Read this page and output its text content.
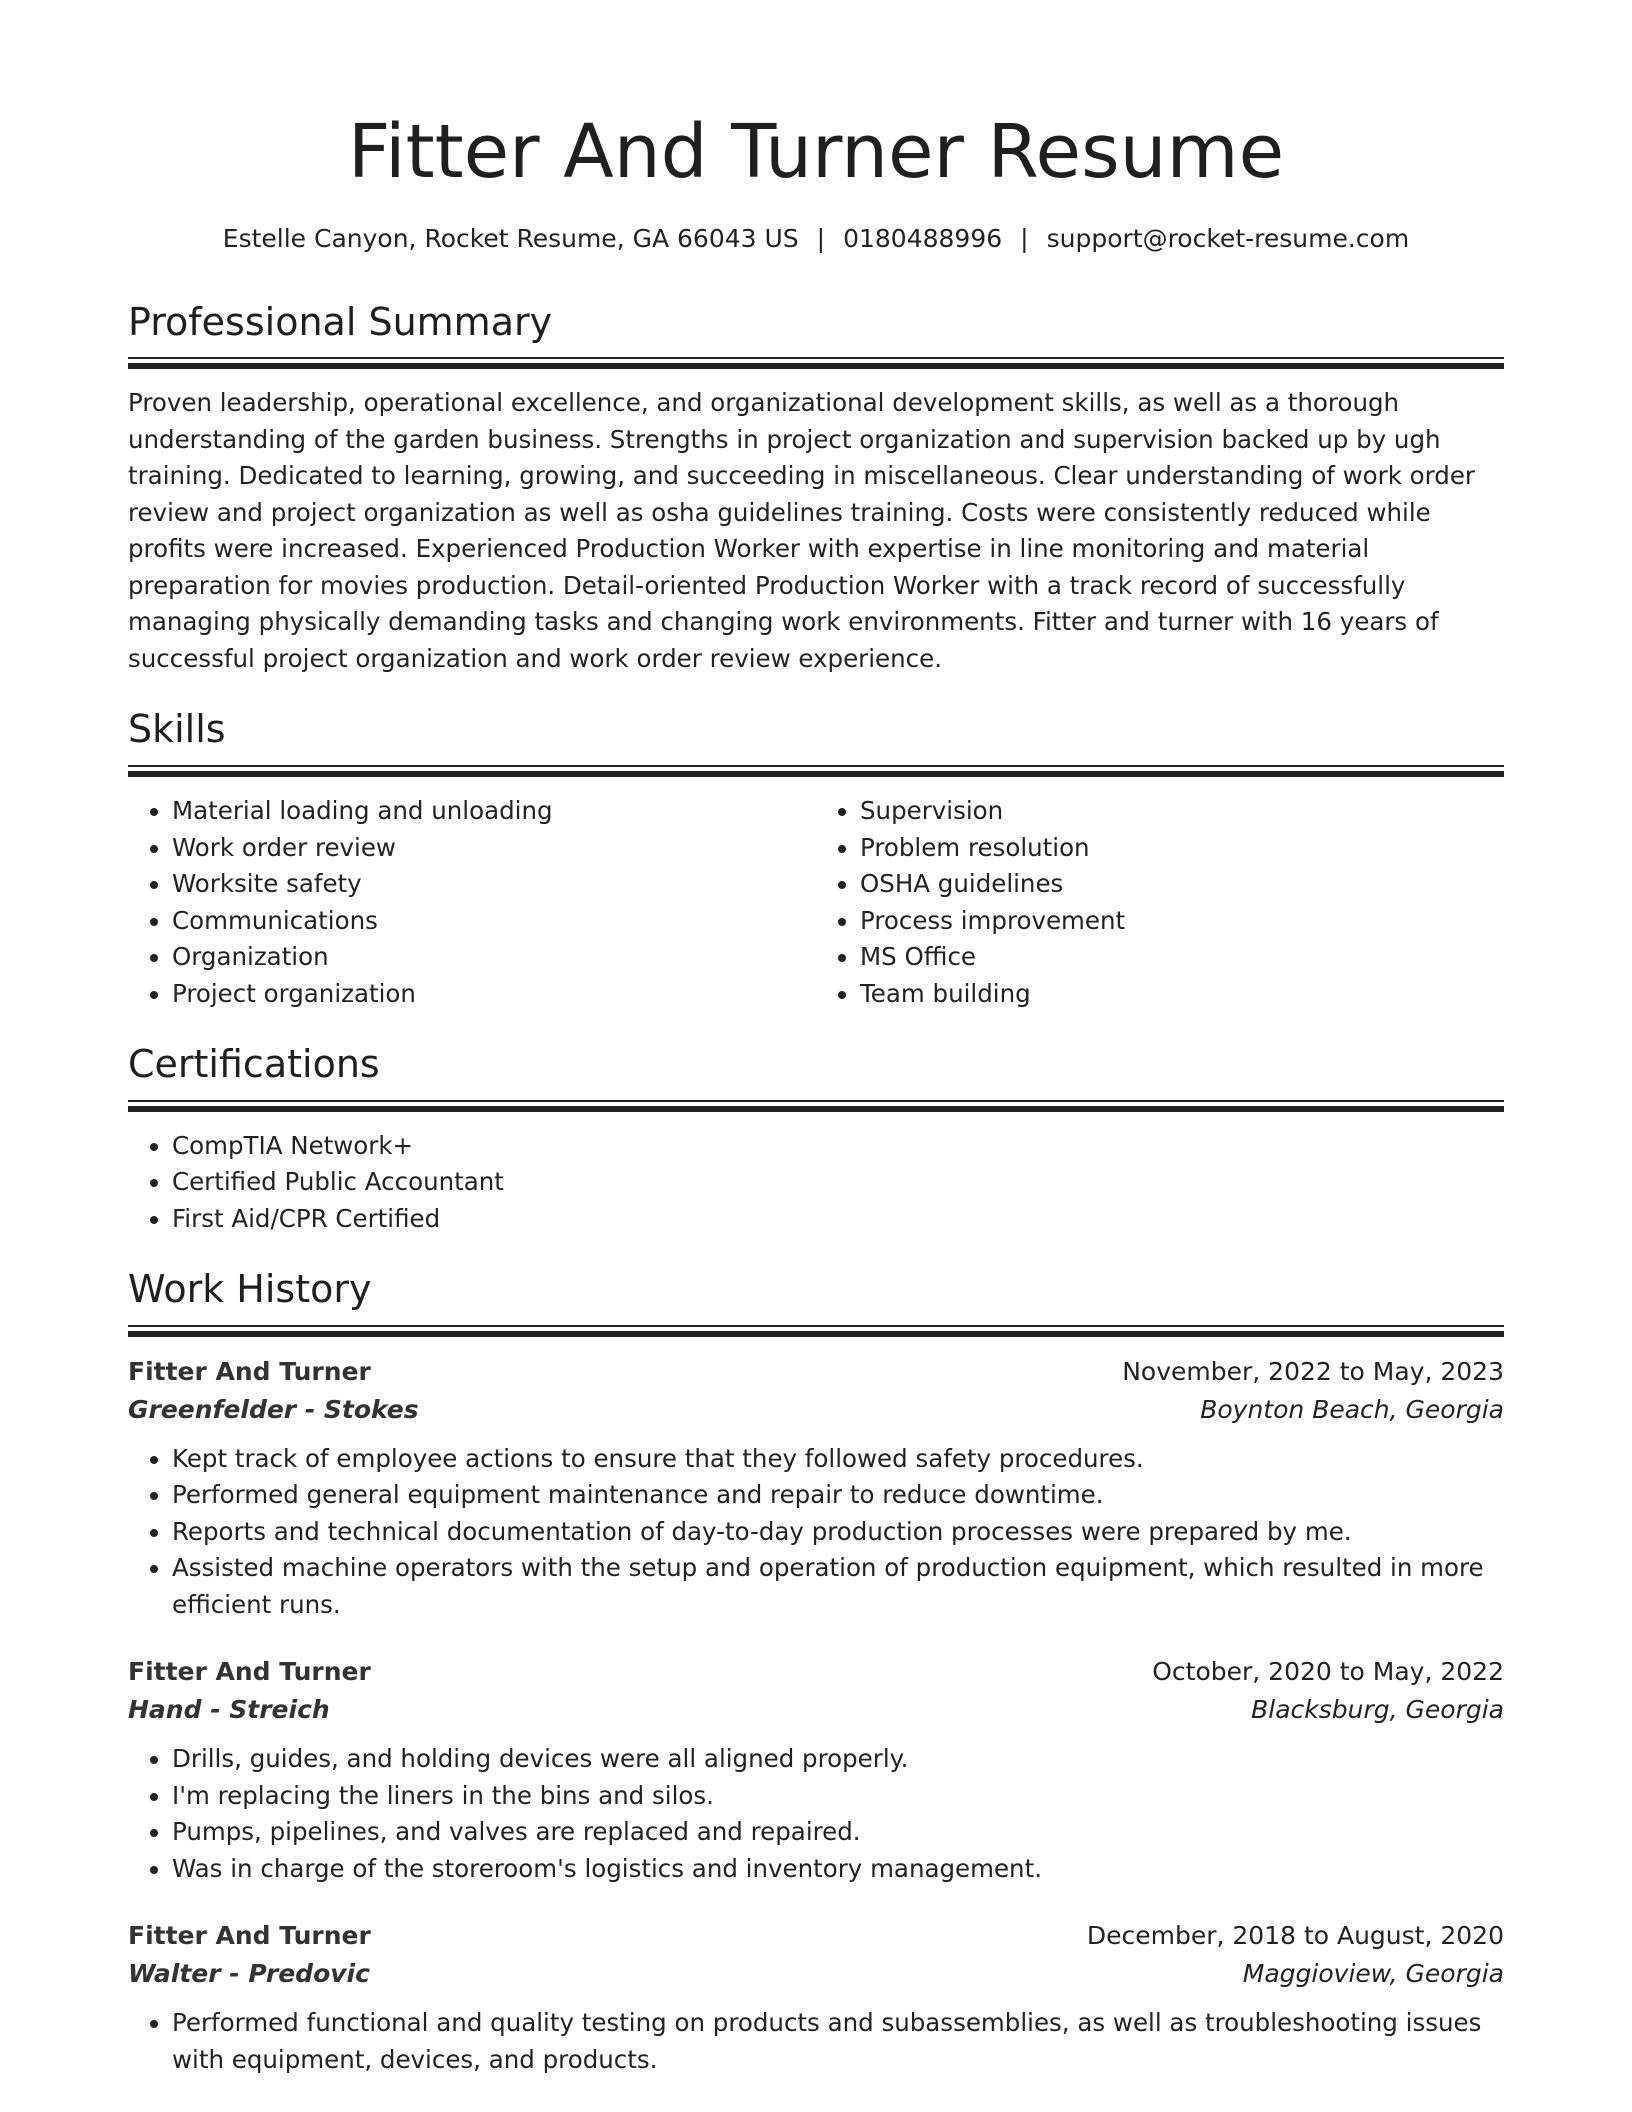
Fitter And Turner Resume
Estelle Canyon, Rocket Resume, GA 66043 US | 0180488996 | support@rocket-resume.com
Professional Summary

Proven leadership, operational excellence, and organizational development skills, as well as a thorough understanding of the garden business. Strengths in project organization and supervision backed up by ugh training. Dedicated to learning, growing, and succeeding in miscellaneous. Clear understanding of work order review and project organization as well as osha guidelines training. Costs were consistently reduced while profits were increased. Experienced Production Worker with expertise in line monitoring and material preparation for movies production. Detail-oriented Production Worker with a track record of successfully managing physically demanding tasks and changing work environments. Fitter and turner with 16 years of successful project organization and work order review experience.

Skills
• Material loading and unloading
• Work order review
• Worksite safety
• Communications
• Organization
• Project organization
• Supervision
• Problem resolution
• OSHA guidelines
• Process improvement
• MS Office
• Team building
Certifications
• CompTIA Network+
• Certified Public Accountant
• First Aid/CPR Certified
Work History
Fitter And Turner	November, 2022 to May, 2023
Greenfelder - Stokes	Boynton Beach, Georgia
• Kept track of employee actions to ensure that they followed safety procedures.
• Performed general equipment maintenance and repair to reduce downtime.
• Reports and technical documentation of day-to-day production processes were prepared by me.
• Assisted machine operators with the setup and operation of production equipment, which resulted in more efficient runs.
Fitter And Turner	October, 2020 to May, 2022
Hand - Streich	Blacksburg, Georgia
• Drills, guides, and holding devices were all aligned properly.
• I'm replacing the liners in the bins and silos.
• Pumps, pipelines, and valves are replaced and repaired.
• Was in charge of the storeroom's logistics and inventory management.
Fitter And Turner	December, 2018 to August, 2020
Walter - Predovic	Maggioview, Georgia
• Performed functional and quality testing on products and subassemblies, as well as troubleshooting issues with equipment, devices, and products.
